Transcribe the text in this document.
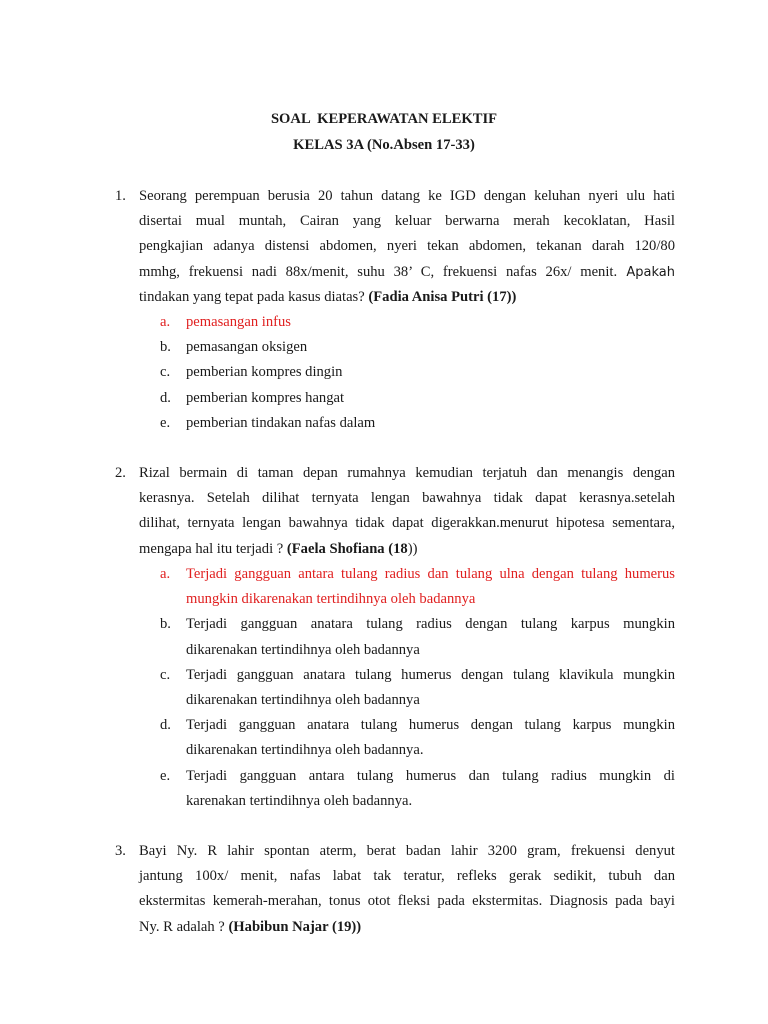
SOAL  KEPERAWATAN ELEKTIF
KELAS 3A (No.Absen 17-33)
1. Seorang perempuan berusia 20 tahun datang ke IGD dengan keluhan nyeri ulu hati
disertai mual muntah, Cairan yang keluar berwarna merah kecoklatan, Hasil
pengkajian adanya distensi abdomen, nyeri tekan abdomen, tekanan darah 120/80
mmhg, frekuensi nadi 88x/menit, suhu 38’ C, frekuensi nafas 26x/ menit. Apakah
tindakan yang tepat pada kasus diatas? (Fadia Anisa Putri (17))
a.	pemasangan infus
b.	pemasangan oksigen
c.	pemberian kompres dingin
d.	pemberian kompres hangat
e.	pemberian tindakan nafas dalam
2. Rizal bermain di taman depan rumahnya kemudian terjatuh dan menangis dengan
kerasnya. Setelah dilihat ternyata lengan bawahnya tidak dapat kerasnya.setelah
dilihat, ternyata lengan bawahnya tidak dapat digerakkan.menurut hipotesa sementara,
mengapa hal itu terjadi ? (Faela Shofiana (18))
a.	Terjadi gangguan antara tulang radius dan tulang ulna dengan tulang humerus
mungkin dikarenakan tertindihnya oleh badannya
b.	Terjadi gangguan anatara tulang radius dengan tulang karpus mungkin
dikarenakan tertindihnya oleh badannya
c.	Terjadi gangguan anatara tulang humerus dengan tulang klavikula mungkin
dikarenakan tertindihnya oleh badannya
d.	Terjadi gangguan anatara tulang humerus dengan tulang karpus mungkin
dikarenakan tertindihnya oleh badannya.
e.	Terjadi gangguan antara tulang humerus dan tulang radius mungkin di
karenakan tertindihnya oleh badannya.
3. Bayi Ny. R lahir spontan aterm, berat badan lahir 3200 gram, frekuensi denyut
jantung 100x/ menit, nafas labat tak teratur, refleks gerak sedikit, tubuh dan
ekstermitas kemerah-merahan, tonus otot fleksi pada ekstermitas. Diagnosis pada bayi
Ny. R adalah ? (Habibun Najar (19))
